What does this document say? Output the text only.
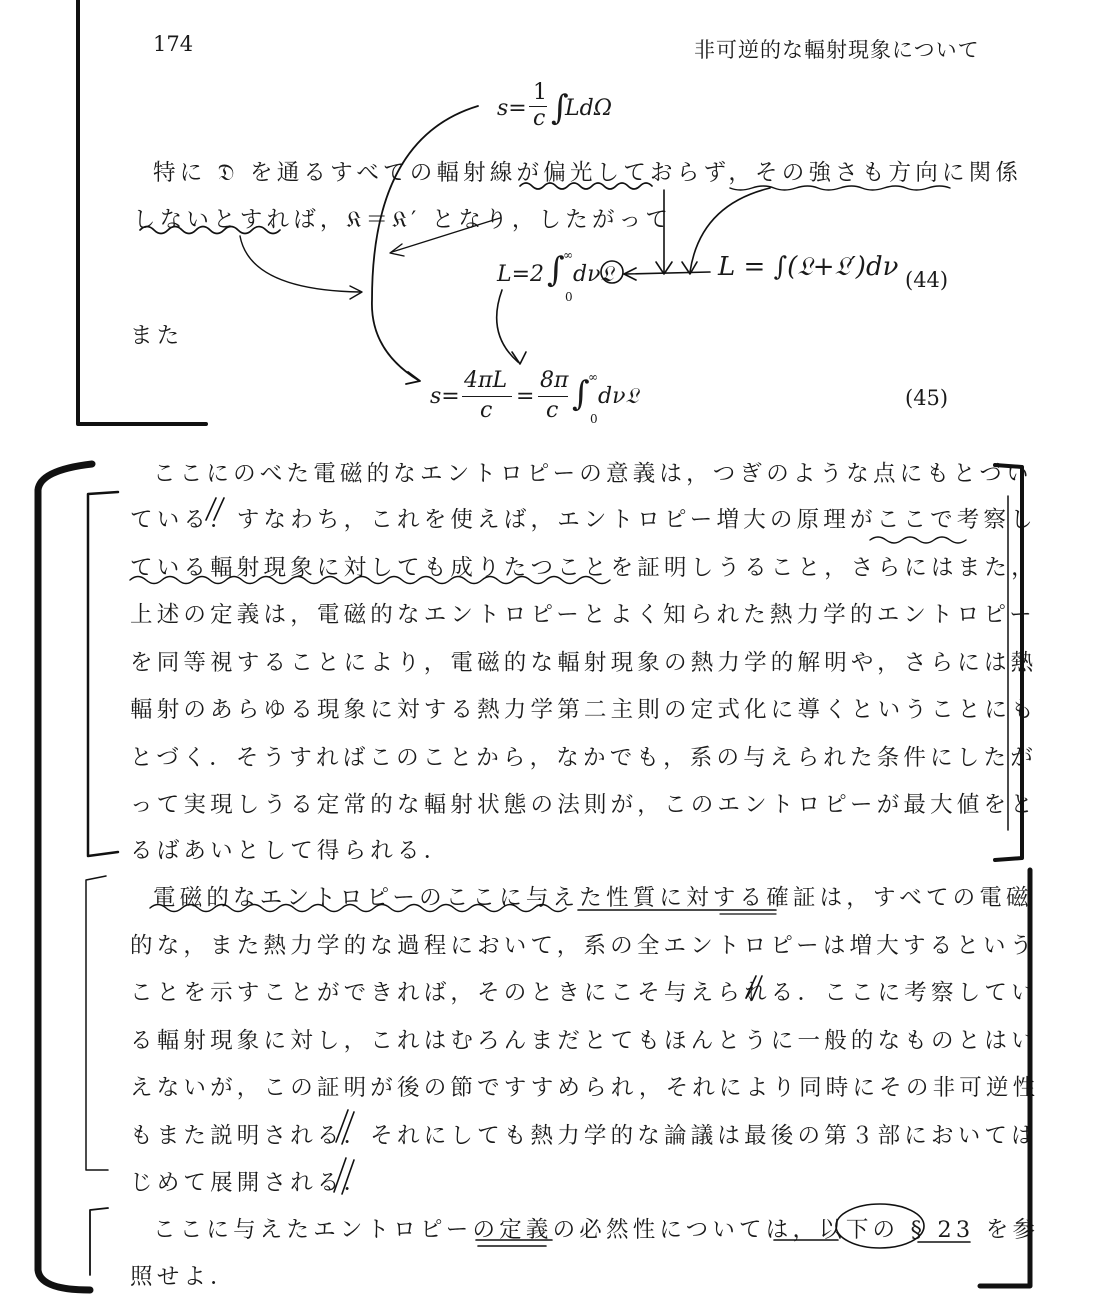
174	非可逆的な輻射現象について
s=
1
c ∫
LdΩ
特に 𝔇 を通るすべての輻射線が偏光しておらず，その強さも方向に関係
しないとすれば，𝔎＝𝔎′ となり，したがって
L=2 ∫
∞
0
dν𝔏	L = ∫(𝔏+𝔏′)dν (44)
また
s=
4πL
c
=
8π
c ∫
∞
0
dν𝔏	(45)
ここにのべた電磁的なエントロピーの意義は，つぎのような点にもとづい
ている．すなわち，これを使えば，エントロピー増大の原理がここで考察し
ている輻射現象に対しても成りたつことを証明しうること，さらにはまた，
上述の定義は，電磁的なエントロピーとよく知られた熱力学的エントロピー
を同等視することにより，電磁的な輻射現象の熱力学的解明や，さらには熱
輻射のあらゆる現象に対する熱力学第二主則の定式化に導くということにも
とづく．そうすればこのことから，なかでも，系の与えられた条件にしたが
って実現しうる定常的な輻射状態の法則が，このエントロピーが最大値をと
るばあいとして得られる．
電磁的なエントロピーのここに与えた性質に対する確証は，すべての電磁
的な，また熱力学的な過程において，系の全エントロピーは増大するという
ことを示すことができれば，そのときにこそ与えられる．ここに考察してい
る輻射現象に対し，これはむろんまだとてもほんとうに一般的なものとはい
えないが，この証明が後の節ですすめられ，それにより同時にその非可逆性
もまた説明される．それにしても熱力学的な論議は最後の第３部においては
じめて展開される．
ここに与えたエントロピーの定義の必然性については，以下の § 23 を参
照せよ．
